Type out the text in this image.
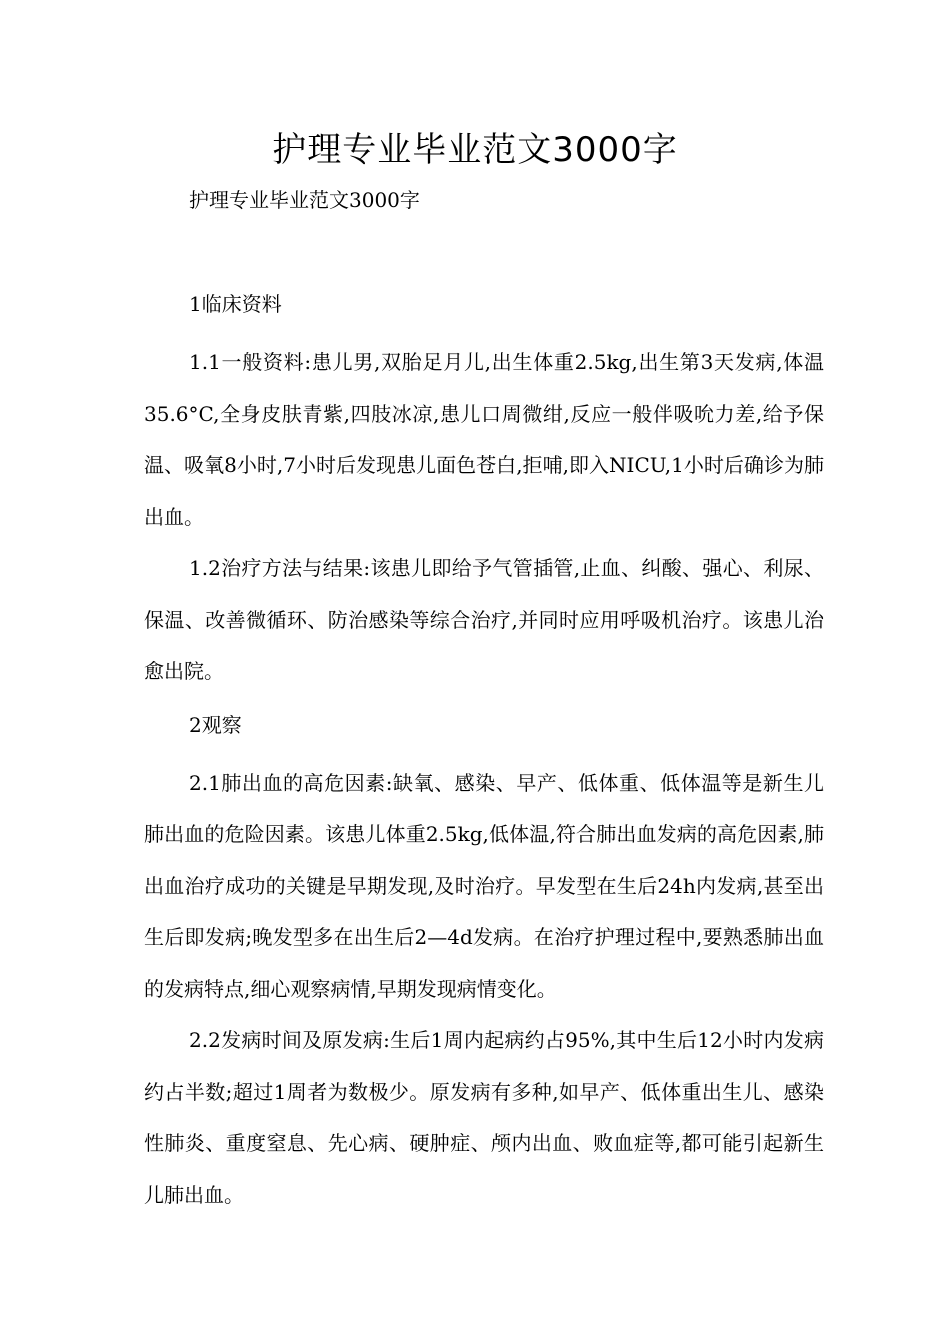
护理专业毕业范文3000字

护理专业毕业范文3000字

1临床资料

1.1一般资料:患儿男,双胎足月儿,出生体重2.5kg,出生第3天发病,体温35.6°C,全身皮肤青紫,四肢冰凉,患儿口周微绀,反应一般伴吸吮力差,给予保温、吸氧8小时,7小时后发现患儿面色苍白,拒哺,即入NICU,1小时后确诊为肺出血。

1.2治疗方法与结果:该患儿即给予气管插管,止血、纠酸、强心、利尿、保温、改善微循环、防治感染等综合治疗,并同时应用呼吸机治疗。该患儿治愈出院。

2观察

2.1肺出血的高危因素:缺氧、感染、早产、低体重、低体温等是新生儿肺出血的危险因素。该患儿体重2.5kg,低体温,符合肺出血发病的高危因素,肺出血治疗成功的关键是早期发现,及时治疗。早发型在生后24h内发病,甚至出生后即发病;晚发型多在出生后2—4d发病。在治疗护理过程中,要熟悉肺出血的发病特点,细心观察病情,早期发现病情变化。

2.2发病时间及原发病:生后1周内起病约占95%,其中生后12小时内发病约占半数;超过1周者为数极少。原发病有多种,如早产、低体重出生儿、感染性肺炎、重度窒息、先心病、硬肿症、颅内出血、败血症等,都可能引起新生儿肺出血。
